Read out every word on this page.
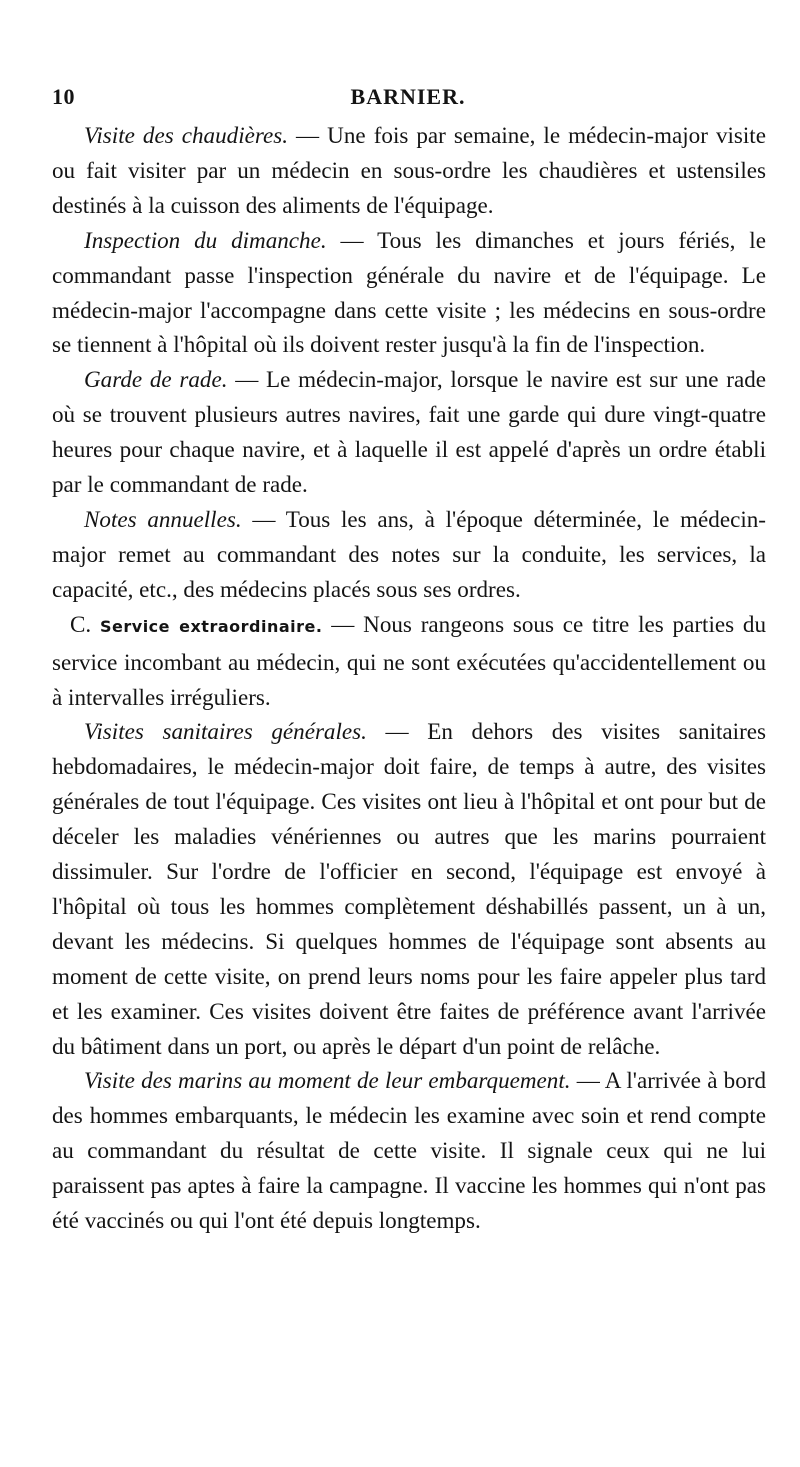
10	BARNIER.

Visite des chaudières. — Une fois par semaine, le médecin-major visite ou fait visiter par un médecin en sous-ordre les chaudières et ustensiles destinés à la cuisson des aliments de l'équipage.

Inspection du dimanche. — Tous les dimanches et jours fériés, le commandant passe l'inspection générale du navire et de l'équipage. Le médecin-major l'accompagne dans cette visite ; les médecins en sous-ordre se tiennent à l'hôpital où ils doivent rester jusqu'à la fin de l'inspection.

Garde de rade. — Le médecin-major, lorsque le navire est sur une rade où se trouvent plusieurs autres navires, fait une garde qui dure vingt-quatre heures pour chaque navire, et à laquelle il est appelé d'après un ordre établi par le commandant de rade.

Notes annuelles. — Tous les ans, à l'époque déterminée, le médecin-major remet au commandant des notes sur la conduite, les services, la capacité, etc., des médecins placés sous ses ordres.

C. Service extraordinaire. — Nous rangeons sous ce titre les parties du service incombant au médecin, qui ne sont exécutées qu'accidentellement ou à intervalles irréguliers.

Visites sanitaires générales. — En dehors des visites sanitaires hebdomadaires, le médecin-major doit faire, de temps à autre, des visites générales de tout l'équipage. Ces visites ont lieu à l'hôpital et ont pour but de déceler les maladies vénériennes ou autres que les marins pourraient dissimuler. Sur l'ordre de l'officier en second, l'équipage est envoyé à l'hôpital où tous les hommes complètement déshabillés passent, un à un, devant les médecins. Si quelques hommes de l'équipage sont absents au moment de cette visite, on prend leurs noms pour les faire appeler plus tard et les examiner. Ces visites doivent être faites de préférence avant l'arrivée du bâtiment dans un port, ou après le départ d'un point de relâche.

Visite des marins au moment de leur embarquement. — A l'arrivée à bord des hommes embarquants, le médecin les examine avec soin et rend compte au commandant du résultat de cette visite. Il signale ceux qui ne lui paraissent pas aptes à faire la campagne. Il vaccine les hommes qui n'ont pas été vaccinés ou qui l'ont été depuis longtemps.
